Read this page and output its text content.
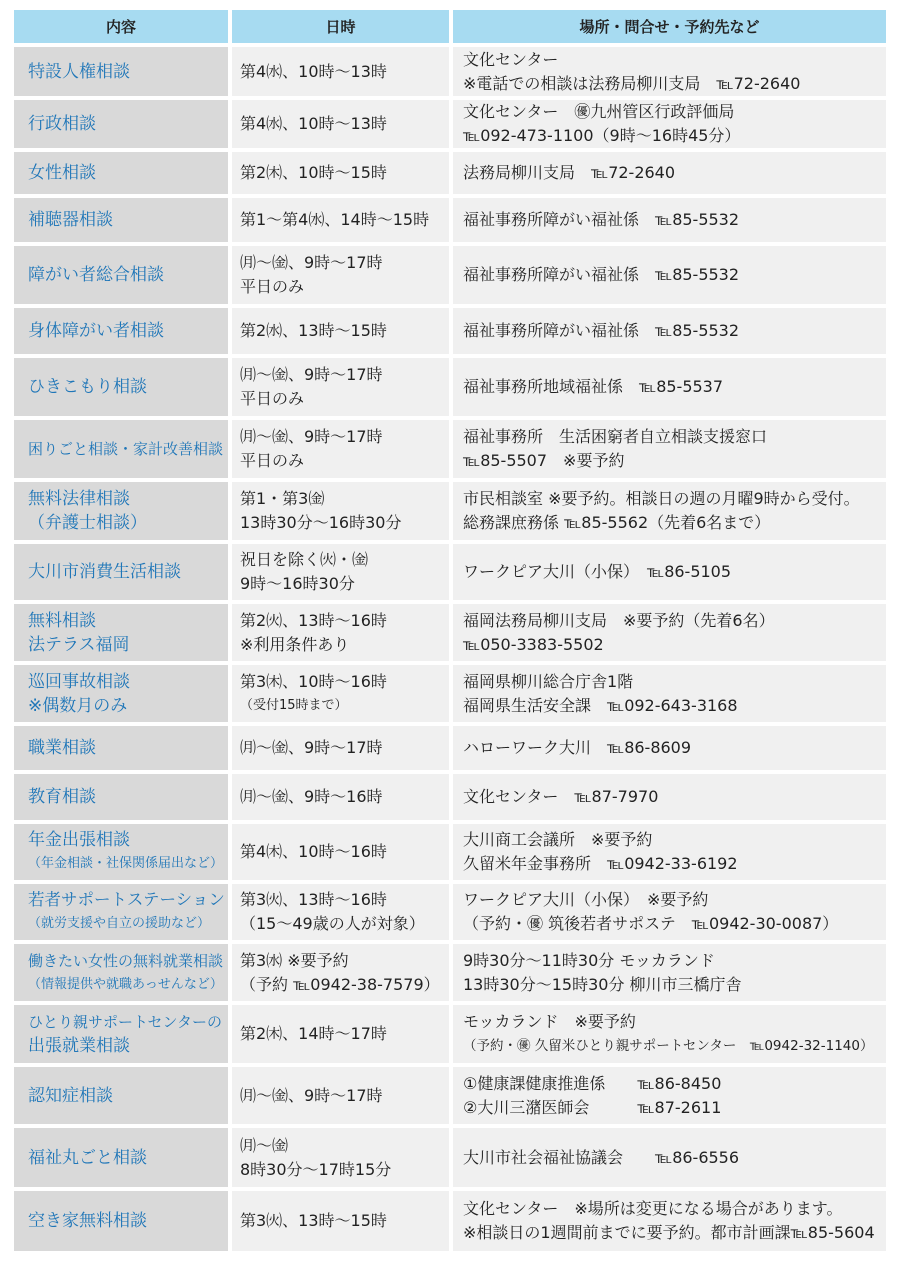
内容	日時	場所・問合せ・予約先など

特設人権相談	第4㈬、10時〜13時	文化センター
※電話での相談は法務局柳川支局　℡72-2640

行政相談	第4㈬、10時〜13時	文化センター　㊝九州管区行政評価局
℡092-473-1100（9時〜16時45分）

女性相談	第2㈭、10時〜15時	法務局柳川支局　℡72-2640

補聴器相談	第1〜第4㈬、14時〜15時	福祉事務所障がい福祉係　℡85-5532

障がい者総合相談	㈪〜㈮、9時〜17時
平日のみ	福祉事務所障がい福祉係　℡85-5532

身体障がい者相談	第2㈬、13時〜15時	福祉事務所障がい福祉係　℡85-5532

ひきこもり相談	㈪〜㈮、9時〜17時
平日のみ	福祉事務所地域福祉係　℡85-5537

困りごと相談・家計改善相談	㈪〜㈮、9時〜17時
平日のみ	福祉事務所　生活困窮者自立相談支援窓口
℡85-5507　※要予約

無料法律相談
（弁護士相談）	第1・第3㈮
13時30分〜16時30分	市民相談室 ※要予約。相談日の週の月曜9時から受付。
総務課庶務係 ℡85-5562（先着6名まで）

大川市消費生活相談	祝日を除く㈫・㈮
9時〜16時30分	ワークピア大川（小保）　℡86-5105

無料相談
法テラス福岡	第2㈫、13時〜16時
※利用条件あり	福岡法務局柳川支局　※要予約（先着6名）
℡050-3383-5502

巡回事故相談
※偶数月のみ	第3㈭、10時〜16時
（受付15時まで）	福岡県柳川総合庁舎1階
福岡県生活安全課　℡092-643-3168

職業相談	㈪〜㈮、9時〜17時	ハローワーク大川　℡86-8609

教育相談	㈪〜㈮、9時〜16時	文化センター　℡87-7970

年金出張相談
（年金相談・社保関係届出など）	第4㈭、10時〜16時	大川商工会議所　※要予約
久留米年金事務所　℡0942-33-6192

若者サポートステーション
（就労支援や自立の援助など）	第3㈫、13時〜16時
（15〜49歳の人が対象）	ワークピア大川（小保）　※要予約
（予約・㊝ 筑後若者サポステ　℡0942-30-0087）

働きたい女性の無料就業相談
（情報提供や就職あっせんなど）	第3㈬ ※要予約
（予約 ℡0942-38-7579）	9時30分〜11時30分 モッカランド
13時30分〜15時30分 柳川市三橋庁舎

ひとり親サポートセンターの
出張就業相談	第2㈭、14時〜17時	モッカランド　※要予約
（予約・㊝ 久留米ひとり親サポートセンター　℡0942-32-1140）

認知症相談	㈪〜㈮、9時〜17時	①健康課健康推進係　　℡86-8450
②大川三潴医師会　　　℡87-2611

福祉丸ごと相談	㈪〜㈮
8時30分〜17時15分	大川市社会福祉協議会　　℡86-6556

空き家無料相談	第3㈫、13時〜15時	文化センター　※場所は変更になる場合があります。
※相談日の1週間前までに要予約。都市計画課℡85-5604
